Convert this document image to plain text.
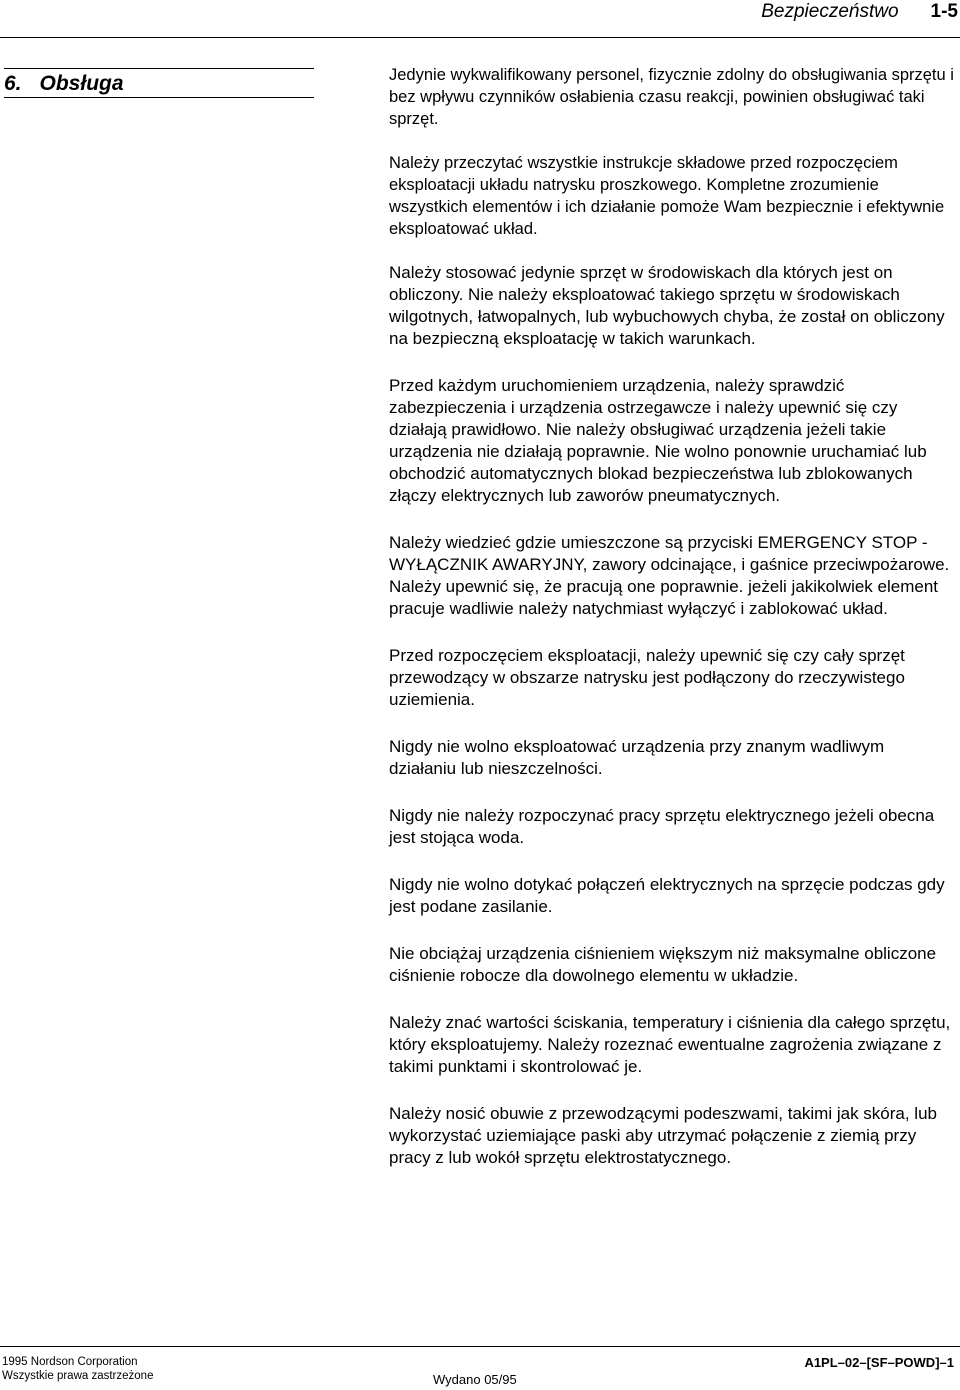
Bezpieczeństwo 1-5
6. Obsługa	Jedynie wykwalifikowany personel, fizycznie zdolny do obsługiwania sprzętu i bez wpływu czynników osłabienia czasu reakcji, powinien obsługiwać taki sprzęt.

Należy przeczytać wszystkie instrukcje składowe przed rozpoczęciem eksploatacji układu natrysku proszkowego. Kompletne zrozumienie wszystkich elementów i ich działanie pomoże Wam bezpiecznie i efektywnie eksploatować układ.

Należy stosować jedynie sprzęt w środowiskach dla których jest on obliczony. Nie należy eksploatować takiego sprzętu w środowiskach wilgotnych, łatwopalnych, lub wybuchowych chyba, że został on obliczony na bezpieczną eksploatację w takich warunkach.

Przed każdym uruchomieniem urządzenia, należy sprawdzić zabezpieczenia i urządzenia ostrzegawcze i należy upewnić się czy działają prawidłowo. Nie należy obsługiwać urządzenia jeżeli takie urządzenia nie działają poprawnie. Nie wolno ponownie uruchamiać lub obchodzić automatycznych blokad bezpieczeństwa lub zblokowanych złączy elektrycznych lub zaworów pneumatycznych.

Należy wiedzieć gdzie umieszczone są przyciski EMERGENCY STOP - WYŁĄCZNIK AWARYJNY, zawory odcinające, i gaśnice przeciwpożarowe. Należy upewnić się, że pracują one poprawnie. jeżeli jakikolwiek element pracuje wadliwie należy natychmiast wyłączyć i zablokować układ.

Przed rozpoczęciem eksploatacji, należy upewnić się czy cały sprzęt przewodzący w obszarze natrysku jest podłączony do rzeczywistego uziemienia.

Nigdy nie wolno eksploatować urządzenia przy znanym wadliwym działaniu lub nieszczelności.

Nigdy nie należy rozpoczynać pracy sprzętu elektrycznego jeżeli obecna jest stojąca woda.

Nigdy nie wolno dotykać połączeń elektrycznych na sprzęcie podczas gdy jest podane zasilanie.

Nie obciążaj urządzenia ciśnieniem większym niż maksymalne obliczone ciśnienie robocze dla dowolnego elementu w układzie.

Należy znać wartości ściskania, temperatury i ciśnienia dla całego sprzętu, który eksploatujemy. Należy rozeznać ewentualne zagrożenia związane z takimi punktami i skontrolować je.

Należy nosić obuwie z przewodzącymi podeszwami, takimi jak skóra, lub wykorzystać uziemiające paski aby utrzymać połączenie z ziemią przy pracy z lub wokół sprzętu elektrostatycznego.

1995 Nordson Corporation
Wszystkie prawa zastrzeżone	Wydano 05/95
A1PL–02–[SF–POWD]–1
